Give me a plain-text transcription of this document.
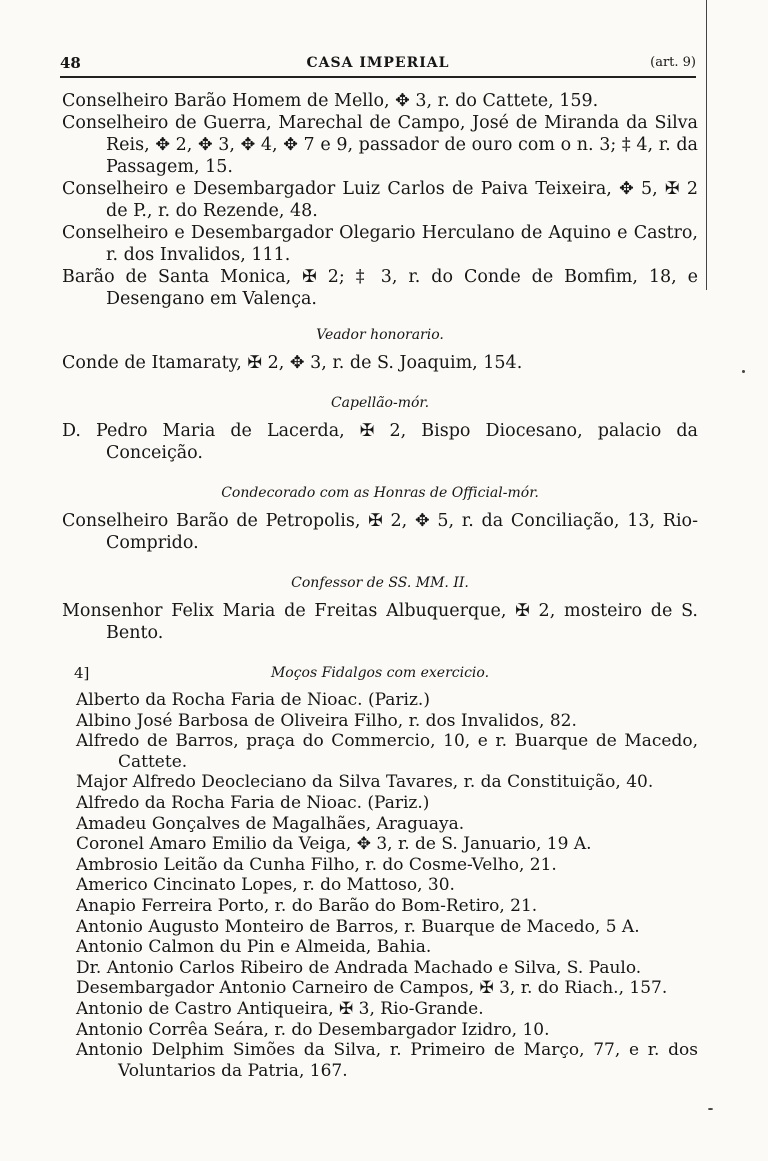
48	CASA IMPERIAL	(art. 9)

Conselheiro Barão Homem de Mello, ✥ 3, r. do Cattete, 159.

Conselheiro de Guerra, Marechal de Campo, José de Miranda da Silva Reis, ✥ 2, ✥ 3, ✥ 4, ✥ 7 e 9, passador de ouro com o n. 3; ‡ 4, r. da Passagem, 15.

Conselheiro e Desembargador Luiz Carlos de Paiva Teixeira, ✥ 5, ✠ 2 de P., r. do Rezende, 48.

Conselheiro e Desembargador Olegario Herculano de Aquino e Castro, r. dos Invalidos, 111.

Barão de Santa Monica, ✠ 2; ‡ 3, r. do Conde de Bomfim, 18, e Desengano em Valença.

Veador honorario.

Conde de Itamaraty, ✠ 2, ✥ 3, r. de S. Joaquim, 154.

Capellão-mór.

D. Pedro Maria de Lacerda, ✠ 2, Bispo Diocesano, palacio da Conceição.

Condecorado com as Honras de Official-mór.

Conselheiro Barão de Petropolis, ✠ 2, ✥ 5, r. da Conciliação, 13, Rio-Comprido.

Confessor de SS. MM. II.

Monsenhor Felix Maria de Freitas Albuquerque, ✠ 2, mosteiro de S. Bento.

4]	Moços Fidalgos com exercicio.

Alberto da Rocha Faria de Nioac. (Pariz.)

Albino José Barbosa de Oliveira Filho, r. dos Invalidos, 82.

Alfredo de Barros, praça do Commercio, 10, e r. Buarque de Macedo, Cattete.

Major Alfredo Deocleciano da Silva Tavares, r. da Constituição, 40.

Alfredo da Rocha Faria de Nioac. (Pariz.)

Amadeu Gonçalves de Magalhães, Araguaya.

Coronel Amaro Emilio da Veiga, ✥ 3, r. de S. Januario, 19 A.

Ambrosio Leitão da Cunha Filho, r. do Cosme-Velho, 21.

Americo Cincinato Lopes, r. do Mattoso, 30.

Anapio Ferreira Porto, r. do Barão do Bom-Retiro, 21.

Antonio Augusto Monteiro de Barros, r. Buarque de Macedo, 5 A.

Antonio Calmon du Pin e Almeida, Bahia.

Dr. Antonio Carlos Ribeiro de Andrada Machado e Silva, S. Paulo.

Desembargador Antonio Carneiro de Campos, ✠ 3, r. do Riach., 157.

Antonio de Castro Antiqueira, ✠ 3, Rio-Grande.

Antonio Corrêa Seára, r. do Desembargador Izidro, 10.

Antonio Delphim Simões da Silva, r. Primeiro de Março, 77, e r. dos Voluntarios da Patria, 167.
